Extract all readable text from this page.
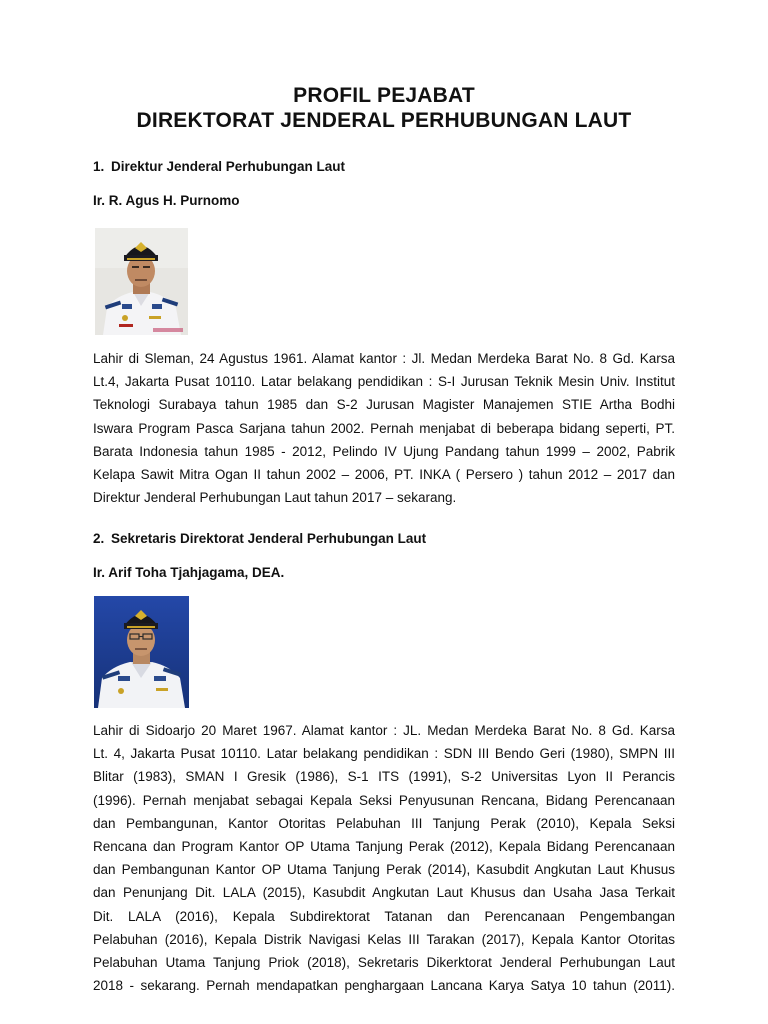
PROFIL PEJABAT
DIREKTORAT JENDERAL PERHUBUNGAN LAUT
1. Direktur Jenderal Perhubungan Laut
Ir. R. Agus H. Purnomo
Lahir di Sleman, 24 Agustus 1961. Alamat kantor : Jl. Medan Merdeka Barat No. 8 Gd. Karsa
Lt.4, Jakarta Pusat 10110. Latar belakang pendidikan : S-I Jurusan Teknik Mesin Univ. Institut
Teknologi Surabaya tahun 1985 dan S-2 Jurusan Magister Manajemen STIE Artha Bodhi
Iswara Program Pasca Sarjana tahun 2002. Pernah menjabat di beberapa bidang seperti, PT.
Barata Indonesia tahun 1985 - 2012, Pelindo IV Ujung Pandang tahun 1999 – 2002, Pabrik
Kelapa Sawit Mitra Ogan II tahun 2002 – 2006, PT. INKA ( Persero ) tahun 2012 – 2017 dan
Direktur Jenderal Perhubungan Laut tahun 2017 – sekarang.
2. Sekretaris Direktorat Jenderal Perhubungan Laut
Ir. Arif Toha Tjahjagama, DEA.
Lahir di Sidoarjo 20 Maret 1967. Alamat kantor : JL. Medan Merdeka Barat No. 8 Gd. Karsa
Lt. 4, Jakarta Pusat 10110. Latar belakang pendidikan : SDN III Bendo Geri (1980), SMPN III
Blitar (1983), SMAN I Gresik (1986), S-1 ITS (1991), S-2 Universitas Lyon II Perancis
(1996). Pernah menjabat sebagai Kepala Seksi Penyusunan Rencana, Bidang Perencanaan
dan Pembangunan, Kantor Otoritas Pelabuhan III Tanjung Perak (2010), Kepala Seksi
Rencana dan Program Kantor OP Utama Tanjung Perak (2012), Kepala Bidang Perencanaan
dan Pembangunan Kantor OP Utama Tanjung Perak (2014), Kasubdit Angkutan Laut Khusus
dan Penunjang Dit. LALA (2015), Kasubdit Angkutan Laut Khusus dan Usaha Jasa Terkait
Dit. LALA (2016), Kepala Subdirektorat Tatanan dan Perencanaan Pengembangan
Pelabuhan (2016), Kepala Distrik Navigasi Kelas III Tarakan (2017), Kepala Kantor Otoritas
Pelabuhan Utama Tanjung Priok (2018), Sekretaris Dikerktorat Jenderal Perhubungan Laut
2018 - sekarang. Pernah mendapatkan penghargaan Lancana Karya Satya 10 tahun (2011).
